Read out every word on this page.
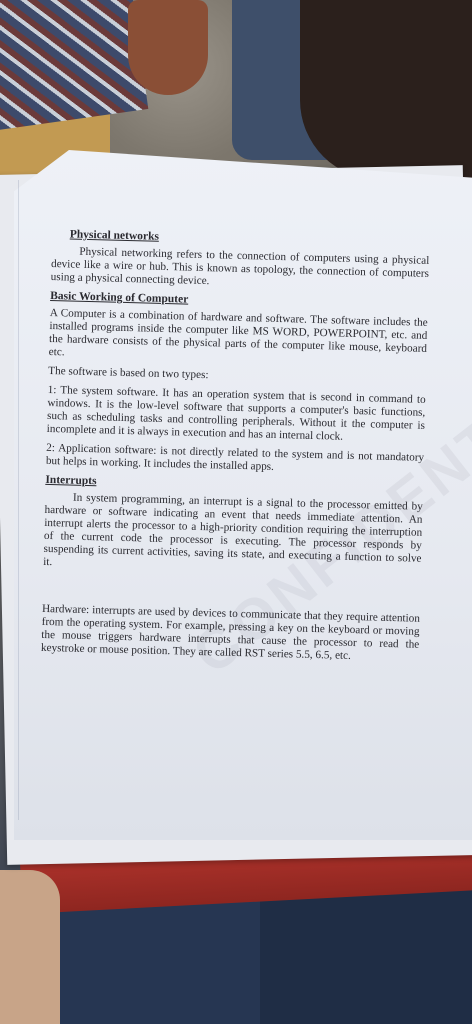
Physical networks

Physical networking refers to the connection of computers using a physical device like a wire or hub. This is known as topology, the connection of computers using a physical connecting device.

Basic Working of Computer

A Computer is a combination of hardware and software. The software includes the installed programs inside the computer like MS WORD, POWERPOINT, etc. and the hardware consists of the physical parts of the computer like mouse, keyboard etc.

The software is based on two types:

1: The system software. It has an operation system that is second in command to windows. It is the low-level software that supports a computer's basic functions, such as scheduling tasks and controlling peripherals. Without it the computer is incomplete and it is always in execution and has an internal clock.

2: Application software: is not directly related to the system and is not mandatory but helps in working. It includes the installed apps.

Interrupts

In system programming, an interrupt is a signal to the processor emitted by hardware or software indicating an event that needs immediate attention. An interrupt alerts the processor to a high-priority condition requiring the interruption of the current code the processor is executing. The processor responds by suspending its current activities, saving its state, and executing a function to solve it.

Hardware: interrupts are used by devices to communicate that they require attention from the operating system. For example, pressing a key on the keyboard or moving the mouse triggers hardware interrupts that cause the processor to read the keystroke or mouse position. They are called RST series 5.5, 6.5, etc.
